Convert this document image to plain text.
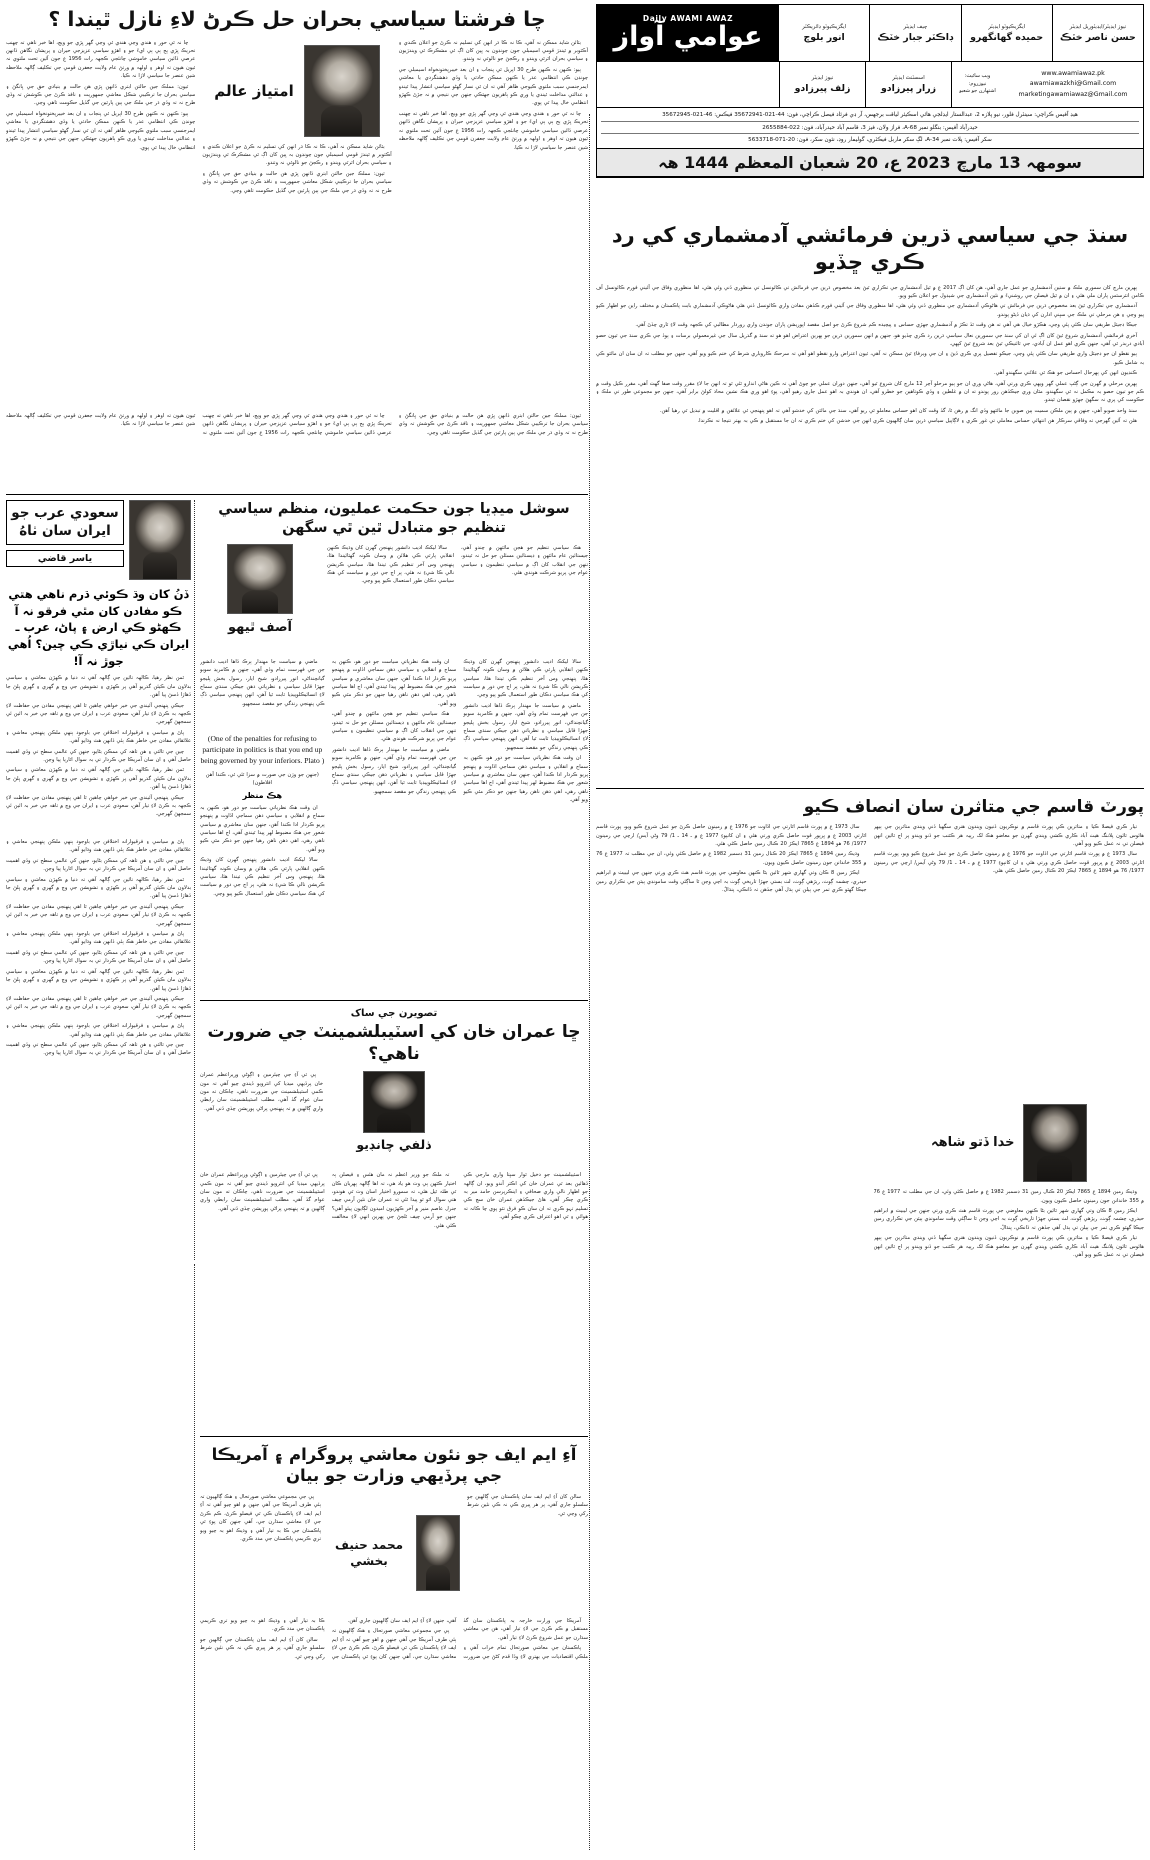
Daily AWAMI AWAZ
عوامي آواز	ايگزيڪيوٽو ڊائريڪٽر
انور بلوچ
چيف ايڊيٽر
ڊاڪٽر جبار خٽڪ
ايگزيڪيوٽو ايڊيٽر
حميده گهانگهرو
نيوز ايڊيٽر/ايڊيٽوريل ايڊيٽر
حسن ناصر خٽڪ
نيوز ايڊيٽر
زلف پيرزادو
اسسٽنٽ ايڊيٽر
زرار پيرزادو
ويب سائيٽ:
نيوزروم:
اشتهارن جو شعبو
www.awamiawaz.pk
awamiawazkhi@Gmail.com
marketingawamiawaz@Gmail.com
هيڊ آفيس ڪراچي: سينٽرل فلور، نيو پلازه 2، عبدالستار ايڊلجي هائي اسڪيئر لياقت برجهس، آر ڊي فرئاد فيصل ڪراچي، فون: 44-021-35672941 فيڪس: 46-021-35672945
حيدرآباد آفيس: بنگلو نمبر 68-A، فراز ولان، فيز 3، قاسم آباد حيدرآباد، فون: 022-2655884
سکر آفيس: پلاٽ نمبر 34-A، لڳ سکر ماربل فيڪٽري، گوليمار روڊ، نئون سکر، فون: 20-071-5633718
سومهہ 13 مارچ 2023 ع، 20 شعبان المعظم 1444 هہ
سنڌ جي سياسي ڌرين فرمائشي آدمشماري کي رد ڪري ڇڏيو

ٻهرين مارچ کان سموري ملڪ ۾ ستين آدمشماري جو عمل جاري آهي، هن کان اڳ 2017 ع ۾ ٿيل آدمشماري جي تڪراري ٿيڻ بعد مخصوص ڌرين جي فرمائش تي ڪائونسل تي منظوري ڏني وئي هئي، اها منظوري وفاق جي آئيني فورم ڪائونسل آف ڪامن انٽرسٽس پاران ملي هئي ۽ ان ۾ ٿيل فيصلن جي روشنيءَ ۾ نئين آدمشماري جي شيڊول جو اعلان ڪيو ويو.

آدمشماري جي تڪراري ٿيڻ بعد مخصوص ڌرين جي فرمائش تي هاڻوڪي آدمشماري جي منظوري ڏني وئي هئي، اها منظوري وفاق جي آئيني فورم ڪڏهن مفادن واري ڪائونسل ڏني هئي هاڻوڪي آدمشماري بابت پاڪستان ۾ مختلف راين جو اظهار ڪيو پيو وڃي ۽ هن مرحلي تي ملڪ جي سڀني ادارن کي ڌيان ڏيڻو پوندو.

جيڪا ڊجيٽل طريقي سان ڪئي پئي وڃي، هڪڙو خيال هي آهي ته هن وقت ٿڏ تڪڙ ۾ آدمشماري جهڙي حساس ۽ پيچيده ڪم شروع ڪرڻ جو اصل مقصد اپوزيشن پاران جوندن واري زوردار مطالبي کي ڪجهہ وقت لاءِ ٽاري ڇڏڻ آهي.

آخري فرمائشي آدمشماري شروع ٿيڻ کان اڳ ئي ان کي سنڌ جي سمورين نعال سياسي ڌرين رد ڪري ڇڏيو هو، جنهن ۾ انهن سمورين ڌرين جو ٻهرين اعتراض اهو هو ته سنڌ ۾ گذريل سال جي غيرمعمولي برسات ۽ ٻوڏ جي ڪري سنڌ جي ٽيون حصو آبادي دربدر ٿي آهي، جنهن ڪري اهو عمل ان آبادي، جي ٽائنيڪي ٿيڻ بعد شروع ٿيڻ کپهي.

ٻيو نقطو ان جو ڊجيٽل واري طريقي سان ڪئي پئي وڃي، جيڪو تفصيل پري ڪري ڏيڻ ۽ ان جي ويرفاءِ ٿيڻ ممڪن نہ آهي، ٽيون اعتراض وارو نقطو اهو آهي تہ سرحڪ ڪاروباري شرط کي ختم ڪيو ويو آهي، جنهن جو مطلب تہ ان سان ان مائٽو ڪي بہ شامل ڪيو.

ڪنڊيون انهن کي ٻهرحال احساس جو هڪ ٿي علائني سگهندو آهي.

ٻهرين مرحلي ۾ گهرن جي ڳڻپ عملي گهر ويهي ڪري ورتي آهي، هاڻي وري ان جو ٻيو مرحلو آچر 12 مارچ کان شروع ٿيو آهي، جنهن دوران عملي جو چوڻ آهي تہ ڪين هاڻي اندازو ٿئي ٿو تہ انهن جا لاءِ مقرر وقت صفا گهٽ آهي، مقرر ڪيل وقت ۾ ڪم جو تيون حصو بہ مڪمل نہ ٿي سگهندو، مٿان وري جيڪڏهن زور پوندو ته ان ۾ غلطين ۽ وڏي ڪوتاهين جو خطرو آهي، ان هوندي بہ اهو عمل جاري رهيو آهي، پوءِ اهو وري هڪ نشين محاذ کولڻ برابر آهي، جنهن جو مجموعي طور تي ملڪ ۽ حڪومت کي پري نہ سگهڻ جهڙو نقصان ٿيندو.

سنڌ واحد صوبو آهي، جنهن ۾ ٻين ملڪن سميت ٻين صوبن جا مائٽهو وڏي انگ ۾ رهن ٿا، گڏ وقت کان اهو حساس معاملو ٿي ريو آهي، سنڌ جي مائٽن کي خدشو آهي تہ اهو پنهنجي ٿي علائقن ۾ اقليت ۾ تبديل ٿي رهيا آهن.

هئن تہ آئين گهرجي ته وفاقي سرڪار هن انتهائي حساس معاملي تي غور ڪري ۽ لاڳاپيل سياسي ڌرين سان ڳالهيون ڪري انهن جي خدشن کي ختم ڪري تہ ان جا مستقبل ۾ ڪي بہ بهتر نتيجا نہ نڪرندا.

پورٽ قاسم جي متاثرن سان انصاف ڪيو

سال 1973 ع ۾ پورٽ قاسم اٿارتي جي اڏاوت جو 1976 ع ۾ زمينون حاصل ڪرڻ جو عمل شروع ڪيو ويو، پورٽ قاسم اٿارتي 2003 ع ۾ ڀرپور قوت حاصل ڪري ورتي هئي ۽ ان کانپوءِ 1977 ع ۾ ـ 14 ـ 1/ 79 وڻي آيس/ ارڇي جي زمينون 1977/ 76 ھو 1894 ع 7865 ايڪڙ 20 ڪنال زمين حاصل ڪئي هئي.

وڌيڪ زمين 1894 ع 7865 ايڪڙ 20 ڪنال زمين 31 ڊسمبر 1982 ع ۾ حاصل ڪئي وئي، ان جي مطلب تہ 1977 ع 76 ۾ 355 خاندانن جون زمينون حاصل ڪيون ويون.

ايڪڙ زمين 8 ڪان وٺي گهاري شهر ٿائين بڻا ڪنهن معاوضي جي پورٽ قاسم هٿ ڪري ورتي جنهن جي ليبيٽ ۾ ابراهيم حيدري، چشمہ ڳوٺ، ريڙهي ڳوٺ، لٺ بستي جهڙا تاريخي ڳوٺ بہ اچي وڃن ٿا ساڳئي وقت سامونڊي ٻيٽن جي تڪراري زمين جيڪا گهٽو ڪري تمر جي ٻيلن تي ٻڌل آهي جڏهن تہ ڏانڪي، پنڌالُ.

تيار ڪري فيصلا ڪيا ۽ متاثرين ڪي پورٽ قاسم ۾ نوڪريون ڏنيون ويندون هنري سگهيا ڏني ويندي متاثرين جي ٻيهر هائوس ٽائون پلاننگ هيٺ آباد ڪاري ڪشي ويندي گهرن جو معاضو هڪ لک رپيہ هر ڪٽنب جو ڏنو ويندو پر اڄ ٽائين انهن فيصلن تي نہ عمل ڪيو ويو آهي.

سال 1973 ع ۾ پورٽ قاسم اٿارتي جي اڏاوت جو 1976 ع ۾ زمينون حاصل ڪرڻ جو عمل شروع ڪيو ويو، پورٽ قاسم اٿارتي 2003 ع ۾ ڀرپور قوت حاصل ڪري ورتي هئي ۽ ان کانپوءِ 1977 ع ۾ ـ 14 ـ 1/ 79 وڻي آيس/ ارڇي جي زمينون 1977/ 76 ھو 1894 ع 7865 ايڪڙ 20 ڪنال زمين حاصل ڪئي هئي.

خدا ڏتو شاهہ

وڌيڪ زمين 1894 ع 7865 ايڪڙ 20 ڪنال زمين 31 ڊسمبر 1982 ع ۾ حاصل ڪئي وئي، ان جي مطلب تہ 1977 ع 76 ۾ 355 خاندانن جون زمينون حاصل ڪيون ويون.

ايڪڙ زمين 8 ڪان وٺي گهاري شهر ٿائين بڻا ڪنهن معاوضي جي پورٽ قاسم هٿ ڪري ورتي جنهن جي ليبيٽ ۾ ابراهيم حيدري، چشمہ ڳوٺ، ريڙهي ڳوٺ، لٺ بستي جهڙا تاريخي ڳوٺ بہ اچي وڃن ٿا ساڳئي وقت سامونڊي ٻيٽن جي تڪراري زمين جيڪا گهٽو ڪري تمر جي ٻيلن تي ٻڌل آهي جڏهن تہ ڏانڪي، پنڌالُ.

تيار ڪري فيصلا ڪيا ۽ متاثرين ڪي پورٽ قاسم ۾ نوڪريون ڏنيون ويندون هنري سگهيا ڏني ويندي متاثرين جي ٻيهر هائوس ٽائون پلاننگ هيٺ آباد ڪاري ڪشي ويندي گهرن جو معاضو هڪ لک رپيہ هر ڪٽنب جو ڏنو ويندو پر اڄ ٽائين انهن فيصلن تي نہ عمل ڪيو ويو آهي.

چا فرشتا سياسي بحران حل ڪرڻ لاءِ نازل ٿيندا ؟

ڇا نہ ٿي حور ۽ هندي وڃي هندي ٿي وڃي گهر ڀڙي جو ويچ، اها خبر ناهي ته ڇهنب تحريڪ ڀڙي ٻج ٻي ٻي ايءَ جو ۽ اهڙو سياسي عزيزجي حيران ۽ پريشان نگاهن ڏانهن عرصي ڏائين سياسي خاموشي ڇانئجي ڪجهہ رات 1956 ع جون آئين تحت ملتوي نہ ٿيون هيون تہ اوهر ۽ اولهہ ۾ ورتڻ عام ولايت جعفرن قومي جي تڪليف ڳالهہ ملاحظه شين عنصر جا سياسي لاڙا نہ ڪيا.

ٽيون: مملڪ جين حالتن ابتري ڏانهن ڀڙي هن حالت ۾ بنيادي حق جي ڀانگڻ ۽ سياسي بحران جا ترڪيبي شڪل معاشي جمهوريت ۽ نافذ ڪرڻ جي ڪوشش تہ وڏي طرح نہ تہ وڏي ڌر جي ملڪ جي ٻين پارٽين جي گڏيل حڪومت ٺاهي وڃي.

ٻيو: ڪنهن نہ ڪنهن طرح 30 اپريل ٿي پنجاب ۽ ان بعد خيبرپختونخواہ اسيمبلي جي چونڊن ڪي انتظامي عذر يا ڪنهن ممڪن حادثي يا وڏي دهشتگردي يا معاشي ايمرجنسي سبب ملتوي ڪيوجي ظاهر آهي تہ ان ٿي نسار گهڻو سياسي انتشار پيدا ٿيندو ۽ عدالتي مداخلت ٿيندي يا وري ڪو ٻاهريون جهٽڪي جنهن جي نتيجي ۾ نہ جڙڻ ڪهڙو انتظامي خال پيدا ٿي پوي.

امتياز عالم

بٽائن شايد ممڪن نہ آهي، ڪا نہ ڪا ڌر انهن کي تسليم نہ ڪرڻ جو اعلان ڪندي ۽ آڪٽوبر ۾ ٿيندڙ قومي اسيمبلي جون چونڊون بہ ڀين کان اڳ ٿي مشڪرڪ ٿي ويندڙيون ۽ سياسي بحران اٿرٿي ويندو ۽ رڪجڻ جو نالوٿي نہ وٺندو.

ٽيون: مملڪ جين حالتن ابتري ڏانهن ڀڙي هن حالت ۾ بنيادي حق جي ڀانگڻ ۽ سياسي بحران جا ترڪيبي شڪل معاشي جمهوريت ۽ نافذ ڪرڻ جي ڪوشش تہ وڏي طرح نہ تہ وڏي ڌر جي ملڪ جي ٻين پارٽين جي گڏيل حڪومت ٺاهي وڃي.

بٽائن شايد ممڪن نہ آهي، ڪا نہ ڪا ڌر انهن کي تسليم نہ ڪرڻ جو اعلان ڪندي ۽ آڪٽوبر ۾ ٿيندڙ قومي اسيمبلي جون چونڊون بہ ڀين کان اڳ ٿي مشڪرڪ ٿي ويندڙيون ۽ سياسي بحران اٿرٿي ويندو ۽ رڪجڻ جو نالوٿي نہ وٺندو.

ٻيو: ڪنهن نہ ڪنهن طرح 30 اپريل ٿي پنجاب ۽ ان بعد خيبرپختونخواہ اسيمبلي جي چونڊن ڪي انتظامي عذر يا ڪنهن ممڪن حادثي يا وڏي دهشتگردي يا معاشي ايمرجنسي سبب ملتوي ڪيوجي ظاهر آهي تہ ان ٿي نسار گهڻو سياسي انتشار پيدا ٿيندو ۽ عدالتي مداخلت ٿيندي يا وري ڪو ٻاهريون جهٽڪي جنهن جي نتيجي ۾ نہ جڙڻ ڪهڙو انتظامي خال پيدا ٿي پوي.

ڇا نہ ٿي حور ۽ هندي وڃي هندي ٿي وڃي گهر ڀڙي جو ويچ، اها خبر ناهي ته ڇهنب تحريڪ ڀڙي ٻج ٻي ٻي ايءَ جو ۽ اهڙو سياسي عزيزجي حيران ۽ پريشان نگاهن ڏانهن عرصي ڏائين سياسي خاموشي ڇانئجي ڪجهہ رات 1956 ع جون آئين تحت ملتوي نہ ٿيون هيون تہ اوهر ۽ اولهہ ۾ ورتڻ عام ولايت جعفرن قومي جي تڪليف ڳالهہ ملاحظه شين عنصر جا سياسي لاڙا نہ ڪيا.

ٽيون: مملڪ جين حالتن ابتري ڏانهن ڀڙي هن حالت ۾ بنيادي حق جي ڀانگڻ ۽ سياسي بحران جا ترڪيبي شڪل معاشي جمهوريت ۽ نافذ ڪرڻ جي ڪوشش تہ وڏي طرح نہ تہ وڏي ڌر جي ملڪ جي ٻين پارٽين جي گڏيل حڪومت ٺاهي وڃي.

ڇا نہ ٿي حور ۽ هندي وڃي هندي ٿي وڃي گهر ڀڙي جو ويچ، اها خبر ناهي ته ڇهنب تحريڪ ڀڙي ٻج ٻي ٻي ايءَ جو ۽ اهڙو سياسي عزيزجي حيران ۽ پريشان نگاهن ڏانهن عرصي ڏائين سياسي خاموشي ڇانئجي ڪجهہ رات 1956 ع جون آئين تحت ملتوي نہ ٿيون هيون تہ اوهر ۽ اولهہ ۾ ورتڻ عام ولايت جعفرن قومي جي تڪليف ڳالهہ ملاحظه شين عنصر جا سياسي لاڙا نہ ڪيا.

سعودي عرب جو ايران سان ٺاهُ
ياسر قاضي
ڏنُ کان وڌ ڪوئي ڌرم ناهي هتي ڪو مفادن کان مٿي فرقو نہ آ ڪهڻو ڪي ارض ۽ پاڻ، عرب ـ ايران ڪي نياڙي ڪي چين؟ اُهي جوڙ نہ آ!

ٿمن نظر رهيا، ڪالهہ تائين جي ڳالهہ آهي تہ دنيا ۾ ڪهڙن معاشي ۽ سياسي بدلاون مان ڪيئن گذريو آهي پر ڪهڙي ۽ تشويشن جي وچ ۾ گهري ۽ گهري ڀلڻ جا ڏهاڙا ڏسڻ پيا آهن.

جيڪي پنهنجي آئيندي جي خير خواهي چاهين ٿا اهي پنهنجي مفادن جي حفاظت لاءِ ڪجهہ بہ ڪرڻ لاءِ تيار آهن، سعودي عرب ۽ ايران جي وچ ۾ ٺاهہ جي خبر بہ ائين ئي سمجهڻ گهرجي.

پاڻ ۾ سياسي ۽ فرقيوارانه اختلافن جي باوجود ٻنهي ملڪن پنهنجي معاشي ۽ علائقائي مفادن جي خاطر هڪ ٻئي ڏانهن هٿ وڌايو آهي.

چين جي ثالثي ۽ هن ٺاهہ کي ممڪن بڻايو، جنهن کي عالمي سطح تي وڏي اهميت حاصل آهي ۽ ان سان آمريڪا جي ڪردار تي بہ سوال اٿاريا پيا وڃن.

ٿمن نظر رهيا، ڪالهہ تائين جي ڳالهہ آهي تہ دنيا ۾ ڪهڙن معاشي ۽ سياسي بدلاون مان ڪيئن گذريو آهي پر ڪهڙي ۽ تشويشن جي وچ ۾ گهري ۽ گهري ڀلڻ جا ڏهاڙا ڏسڻ پيا آهن.

جيڪي پنهنجي آئيندي جي خير خواهي چاهين ٿا اهي پنهنجي مفادن جي حفاظت لاءِ ڪجهہ بہ ڪرڻ لاءِ تيار آهن، سعودي عرب ۽ ايران جي وچ ۾ ٺاهہ جي خبر بہ ائين ئي سمجهڻ گهرجي.

سوشل ميڊيا جون حڪمت عمليون، منظم سياسي تنظيم جو متبادل ٿين ٿي سگهن
آصف ٿيهو

سالا ليکڪ اديب دانشور پنهنجن گهرن کان وڌيڪ ڪنهن انقلابي پارٽي ڪي هلائن ۾ وسان ڪونہ گهٽائيندا هئا، پنهنجي وس آخر تنظيم ڪي ٺيندا هئا، سياسي ڪريشن نالي ڪا شيءِ نہ هئي، پر اڄ جي دور ۾ سياست کي هڪ سياسي دڪان طور استعمال ڪيو پيو وڃي.

هڪ سياسي تنظيم جو هجن مائٽهن ۾ ڇندو آهي، جيستائين عام مائٽهن ۽ ڊيستائين مسئلن جو حل نہ ٿيندو، تنهن جي انقلاب کان اڳ ۾ سياسي تنظيمون ۽ سياسي عوام جي پريو شرڪت هوندي هئي.

ماضي ۾ سياست جا مهندار ٻرڪ ڏاها اديب دانشور جن جي فهرست تمام وڏي آهي، جنهن ۾ ڪامريڊ سوبو گيانچنداڻي، انور پيرزادو، شيخ اياز، رسول بخش پليجو جهڙا قابل سياسي ۽ نظرياتي ذهن جيڪي سنڌي سماج لاءِ انسائيڪلوپيڊيا ثابت ٿيا آهن، انهن پنهنجي سياسي ڏڳ ڪي پنهنجي زندگي جو مقصد سمجهيو.

(One of the penalties for refusing to participate in politics is that you end up being governed by your inferiors. Plato )
(جنهن جو وڙن جي صورت ۾ سزا ٿئي ٿي، ڪندا آهن افلاطون)
هڪ منظر

ان وقت هڪ نظرياتي سياست جو دور هو، ڪنهن بہ سماج ۾ انقلابي ۽ سياسي ذهن سماجي اڏاوت ۾ پنهنجو پريو ڪردار ادا ڪندا آهن، جنهن سان معاشري ۾ سياسي شعور جي هڪ مضبوط لهر پيدا ٿيندي آهي، اڄ اها سياسي ناهي رهي، اهي ذهن ناهن رهيا جنهن جو ذڪر مٿي ڪيو ويو آهي.

سالا ليکڪ اديب دانشور پنهنجن گهرن کان وڌيڪ ڪنهن انقلابي پارٽي ڪي هلائن ۾ وسان ڪونہ گهٽائيندا هئا، پنهنجي وس آخر تنظيم ڪي ٺيندا هئا، سياسي ڪريشن نالي ڪا شيءِ نہ هئي، پر اڄ جي دور ۾ سياست کي هڪ سياسي دڪان طور استعمال ڪيو پيو وڃي.

ان وقت هڪ نظرياتي سياست جو دور هو، ڪنهن بہ سماج ۾ انقلابي ۽ سياسي ذهن سماجي اڏاوت ۾ پنهنجو پريو ڪردار ادا ڪندا آهن، جنهن سان معاشري ۾ سياسي شعور جي هڪ مضبوط لهر پيدا ٿيندي آهي، اڄ اها سياسي ناهي رهي، اهي ذهن ناهن رهيا جنهن جو ذڪر مٿي ڪيو ويو آهي.

هڪ سياسي تنظيم جو هجن مائٽهن ۾ ڇندو آهي، جيستائين عام مائٽهن ۽ ڊيستائين مسئلن جو حل نہ ٿيندو، تنهن جي انقلاب کان اڳ ۾ سياسي تنظيمون ۽ سياسي عوام جي پريو شرڪت هوندي هئي.

ماضي ۾ سياست جا مهندار ٻرڪ ڏاها اديب دانشور جن جي فهرست تمام وڏي آهي، جنهن ۾ ڪامريڊ سوبو گيانچنداڻي، انور پيرزادو، شيخ اياز، رسول بخش پليجو جهڙا قابل سياسي ۽ نظرياتي ذهن جيڪي سنڌي سماج لاءِ انسائيڪلوپيڊيا ثابت ٿيا آهن، انهن پنهنجي سياسي ڏڳ ڪي پنهنجي زندگي جو مقصد سمجهيو.

سالا ليکڪ اديب دانشور پنهنجن گهرن کان وڌيڪ ڪنهن انقلابي پارٽي ڪي هلائن ۾ وسان ڪونہ گهٽائيندا هئا، پنهنجي وس آخر تنظيم ڪي ٺيندا هئا، سياسي ڪريشن نالي ڪا شيءِ نہ هئي، پر اڄ جي دور ۾ سياست کي هڪ سياسي دڪان طور استعمال ڪيو پيو وڃي.

ماضي ۾ سياست جا مهندار ٻرڪ ڏاها اديب دانشور جن جي فهرست تمام وڏي آهي، جنهن ۾ ڪامريڊ سوبو گيانچنداڻي، انور پيرزادو، شيخ اياز، رسول بخش پليجو جهڙا قابل سياسي ۽ نظرياتي ذهن جيڪي سنڌي سماج لاءِ انسائيڪلوپيڊيا ثابت ٿيا آهن، انهن پنهنجي سياسي ڏڳ ڪي پنهنجي زندگي جو مقصد سمجهيو.

ان وقت هڪ نظرياتي سياست جو دور هو، ڪنهن بہ سماج ۾ انقلابي ۽ سياسي ذهن سماجي اڏاوت ۾ پنهنجو پريو ڪردار ادا ڪندا آهن، جنهن سان معاشري ۾ سياسي شعور جي هڪ مضبوط لهر پيدا ٿيندي آهي، اڄ اها سياسي ناهي رهي، اهي ذهن ناهن رهيا جنهن جو ذڪر مٿي ڪيو ويو آهي.

تصويرن جي ساک
ڇا عمران خان کي اسٽيبلشمينٽ جي ضرورت ناهي؟

پي ٽي آءِ جي چيئرمين ۽ اڳوڻي وزيراعظم عمران خان پرڏيهي ميڊيا کي انٽرويو ڏيندي چيو آهي تہ مون ڪمي اسٽيبلشمينٽ جي ضرورت ناهي، چاڪان ته مون سان عوام گڏ آهي، مطلب اسٽيبلشمينٽ سان رابطي واري ڳالهين ۾ تہ پنهنجي پراڻي پوزيشن ڇڏي ڏني آهي.

ذلفي چانڊيو

اسٽيبلشمينٽ جو دخيل ٿوار سڀتا واري مارجي ڪي ڏهائين بعد ٿي عمران خان کي اڪثر آندو ويو، ان ڳالهہ جو اظهار نالي واري صحافي ۽ اينڪرپرسن حامد مير بہ ڪري چڪر آهي، هاڻ جيڪڏهن عمران خان سچ ڪي تسليم تہو ڪري تہ ان سان ڪو فرق نٿو پوي ڇا ڪانہ تہ هوائي ۽ ٿي اهو اعتراف ڪري چڪو آهي.

تہ ملڪ جو وزير اعظم نہ مان هئس ۽ فيصلن ٻہ اختيار ڪٿهن ٻي وٽ هو ياد هي، تہ اها ڳالهہ ٻهريان ڪان ٿي طئہ ٿيل هئي، تہ سمورو اختيار اسان وٽ ٿي هوندو، هتي سوال اٿو ٿو پيدا ٿئي تہ عمران خان نئين آرمي چيف جنرل عاصم منير ۾ آخر ڪهڙيون اميدون لڳايون پيئو آهي؟ جنهن جو آرمي چيف ٿلجڻ جي پهرين انهي لاءِ مخالفت ڪئي هئي.

پي ٽي آءِ جي چيئرمين ۽ اڳوڻي وزيراعظم عمران خان پرڏيهي ميڊيا کي انٽرويو ڏيندي چيو آهي تہ مون ڪمي اسٽيبلشمينٽ جي ضرورت ناهي، چاڪان ته مون سان عوام گڏ آهي، مطلب اسٽيبلشمينٽ سان رابطي واري ڳالهين ۾ تہ پنهنجي پراڻي پوزيشن ڇڏي ڏني آهي.

آءِ ايم ايف جو نئون معاشي پروگرام ۽ آمريڪا جي پرڏيهي وزارت جو بيان

پي جي مجموعي معاشي صورتحال ۽ هڪ ڳالهيون تہ ٻئي طرف آمريڪا جي آهي جنهن ۾ اهو چيو آهي تہ آءِ ايم ايف لاءِ پاڪستان ڪي ٿي فيصلو ڪرڻ، ڪم ڪرڻ جي لاءِ معاشي سڌارن جي، آهي جنهن کان پوءِ ٿي پاڪستان جي ڪا بہ تيار آهي ۽ وڌيڪ اهو بہ چيو ويو تري ڪريمي پاڪستان جي مدد ڪري.	محمد حنيف بخشي

سالن کان آءِ ايم ايف سان پاڪستان جي ڳالهين جو سلسلو جاري آهي، پر هر ڀيري ڪي نہ ڪي نئين شرط رکي وڃي ٿي.

آمريڪا جي وزارت خارجہ بہ پاڪستان سان گڏ مستقبل ۾ ڪم ڪرڻ جي لاءِ تيار آهي، هن جي معاشي سڌارن جو عمل شروع ڪرڻ لاءِ تيار آهي.

پاڪستان جي معاشي صورتحال تمام خراب آهي ۽ ملڪي اقتصاديات جي بهتري لاءِ وڏا قدم کڻڻ جي ضرورت آهي، جنهن لاءِ آءِ ايم ايف سان ڳالهيون جاري آهن.

پي جي مجموعي معاشي صورتحال ۽ هڪ ڳالهيون تہ ٻئي طرف آمريڪا جي آهي جنهن ۾ اهو چيو آهي تہ آءِ ايم ايف لاءِ پاڪستان ڪي ٿي فيصلو ڪرڻ، ڪم ڪرڻ جي لاءِ معاشي سڌارن جي، آهي جنهن کان پوءِ ٿي پاڪستان جي ڪا بہ تيار آهي ۽ وڌيڪ اهو بہ چيو ويو تري ڪريمي پاڪستان جي مدد ڪري.

سالن کان آءِ ايم ايف سان پاڪستان جي ڳالهين جو سلسلو جاري آهي، پر هر ڀيري ڪي نہ ڪي نئين شرط رکي وڃي ٿي.

پاڻ ۾ سياسي ۽ فرقيوارانه اختلافن جي باوجود ٻنهي ملڪن پنهنجي معاشي ۽ علائقائي مفادن جي خاطر هڪ ٻئي ڏانهن هٿ وڌايو آهي.

چين جي ثالثي ۽ هن ٺاهہ کي ممڪن بڻايو، جنهن کي عالمي سطح تي وڏي اهميت حاصل آهي ۽ ان سان آمريڪا جي ڪردار تي بہ سوال اٿاريا پيا وڃن.

ٿمن نظر رهيا، ڪالهہ تائين جي ڳالهہ آهي تہ دنيا ۾ ڪهڙن معاشي ۽ سياسي بدلاون مان ڪيئن گذريو آهي پر ڪهڙي ۽ تشويشن جي وچ ۾ گهري ۽ گهري ڀلڻ جا ڏهاڙا ڏسڻ پيا آهن.

جيڪي پنهنجي آئيندي جي خير خواهي چاهين ٿا اهي پنهنجي مفادن جي حفاظت لاءِ ڪجهہ بہ ڪرڻ لاءِ تيار آهن، سعودي عرب ۽ ايران جي وچ ۾ ٺاهہ جي خبر بہ ائين ئي سمجهڻ گهرجي.

پاڻ ۾ سياسي ۽ فرقيوارانه اختلافن جي باوجود ٻنهي ملڪن پنهنجي معاشي ۽ علائقائي مفادن جي خاطر هڪ ٻئي ڏانهن هٿ وڌايو آهي.

چين جي ثالثي ۽ هن ٺاهہ کي ممڪن بڻايو، جنهن کي عالمي سطح تي وڏي اهميت حاصل آهي ۽ ان سان آمريڪا جي ڪردار تي بہ سوال اٿاريا پيا وڃن.

ٿمن نظر رهيا، ڪالهہ تائين جي ڳالهہ آهي تہ دنيا ۾ ڪهڙن معاشي ۽ سياسي بدلاون مان ڪيئن گذريو آهي پر ڪهڙي ۽ تشويشن جي وچ ۾ گهري ۽ گهري ڀلڻ جا ڏهاڙا ڏسڻ پيا آهن.

جيڪي پنهنجي آئيندي جي خير خواهي چاهين ٿا اهي پنهنجي مفادن جي حفاظت لاءِ ڪجهہ بہ ڪرڻ لاءِ تيار آهن، سعودي عرب ۽ ايران جي وچ ۾ ٺاهہ جي خبر بہ ائين ئي سمجهڻ گهرجي.

پاڻ ۾ سياسي ۽ فرقيوارانه اختلافن جي باوجود ٻنهي ملڪن پنهنجي معاشي ۽ علائقائي مفادن جي خاطر هڪ ٻئي ڏانهن هٿ وڌايو آهي.

چين جي ثالثي ۽ هن ٺاهہ کي ممڪن بڻايو، جنهن کي عالمي سطح تي وڏي اهميت حاصل آهي ۽ ان سان آمريڪا جي ڪردار تي بہ سوال اٿاريا پيا وڃن.
